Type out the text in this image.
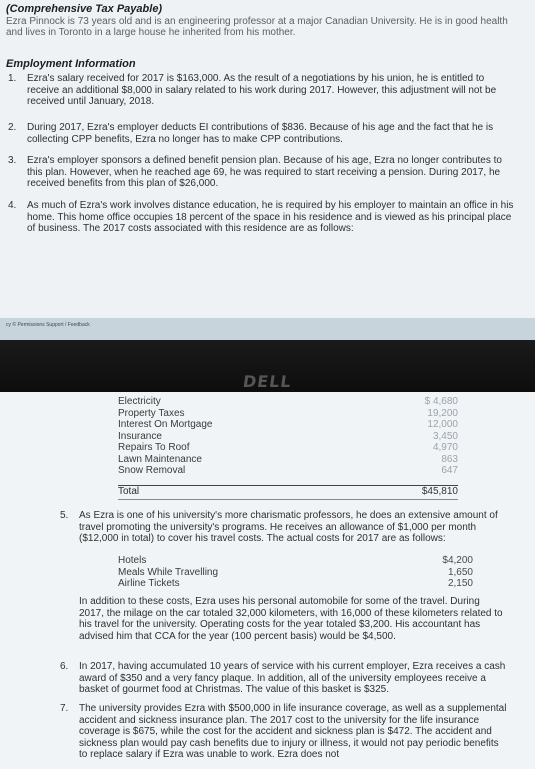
(Comprehensive Tax Payable)
Ezra Pinnock is 73 years old and is an engineering professor at a major Canadian University. He is in good health and lives in Toronto in a large house he inherited from his mother.
Employment Information
1. Ezra's salary received for 2017 is $163,000. As the result of a negotiations by his union, he is entitled to receive an additional $8,000 in salary related to his work during 2017. However, this adjustment will not be received until January, 2018.
2. During 2017, Ezra's employer deducts EI contributions of $836. Because of his age and the fact that he is collecting CPP benefits, Ezra no longer has to make CPP contributions.
3. Ezra's employer sponsors a defined benefit pension plan. Because of his age, Ezra no longer contributes to this plan. However, when he reached age 69, he was required to start receiving a pension. During 2017, he received benefits from this plan of $26,000.
4. As much of Ezra's work involves distance education, he is required by his employer to maintain an office in his home. This home office occupies 18 percent of the space in his residence and is viewed as his principal place of business. The 2017 costs associated with this residence are as follows:
cy © Permissions Support / Feedback
DELL
Electricity	$ 4,680
Property Taxes	19,200
Interest On Mortgage	12,000
Insurance	3,450
Repairs To Roof	4,970
Lawn Maintenance	863
Snow Removal	647
Total	$45,810
5. As Ezra is one of his university's more charismatic professors, he does an extensive amount of travel promoting the university's programs. He receives an allowance of $1,000 per month ($12,000 in total) to cover his travel costs. The actual costs for 2017 are as follows:
Hotels	$4,200
Meals While Travelling	1,650
Airline Tickets	2,150
In addition to these costs, Ezra uses his personal automobile for some of the travel. During 2017, the milage on the car totaled 32,000 kilometers, with 16,000 of these kilometers related to his travel for the university. Operating costs for the year totaled $3,200. His accountant has advised him that CCA for the year (100 percent basis) would be $4,500.
6. In 2017, having accumulated 10 years of service with his current employer, Ezra receives a cash award of $350 and a very fancy plaque. In addition, all of the university employees receive a basket of gourmet food at Christmas. The value of this basket is $325.
7. The university provides Ezra with $500,000 in life insurance coverage, as well as a supplemental accident and sickness insurance plan. The 2017 cost to the university for the life insurance coverage is $675, while the cost for the accident and sickness plan is $472. The accident and sickness plan would pay cash benefits due to injury or illness, it would not pay periodic benefits to replace salary if Ezra was unable to work. Ezra does not
